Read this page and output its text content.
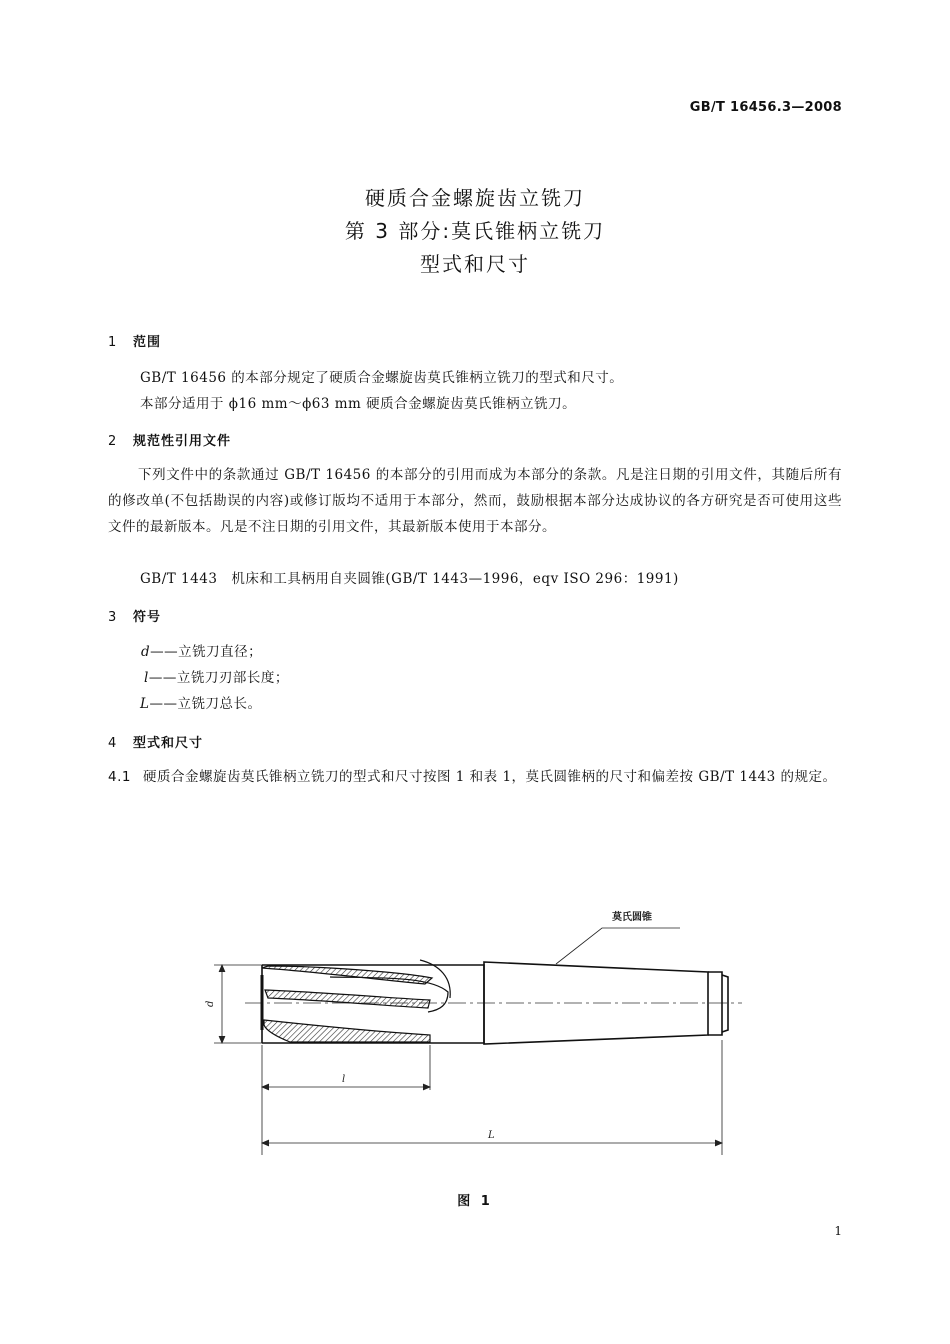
GB/T 16456.3—2008
硬质合金螺旋齿立铣刀
第 3 部分:莫氏锥柄立铣刀
型式和尺寸
1 范围
GB/T 16456 的本部分规定了硬质合金螺旋齿莫氏锥柄立铣刀的型式和尺寸。
本部分适用于 ϕ16 mm～ϕ63 mm 硬质合金螺旋齿莫氏锥柄立铣刀。
2 规范性引用文件
下列文件中的条款通过 GB/T 16456 的本部分的引用而成为本部分的条款。凡是注日期的引用文件，其随后所有的修改单(不包括勘误的内容)或修订版均不适用于本部分，然而，鼓励根据本部分达成协议的各方研究是否可使用这些文件的最新版本。凡是不注日期的引用文件，其最新版本使用于本部分。
GB/T 1443　机床和工具柄用自夹圆锥(GB/T 1443—1996，eqv ISO 296：1991)
3 符号
d——立铣刀直径；
l——立铣刀刃部长度；
L——立铣刀总长。
4 型式和尺寸
4.1 硬质合金螺旋齿莫氏锥柄立铣刀的型式和尺寸按图 1 和表 1，莫氏圆锥柄的尺寸和偏差按 GB/T 1443 的规定。
莫氏圆锥
d
l
L
图 1
1
